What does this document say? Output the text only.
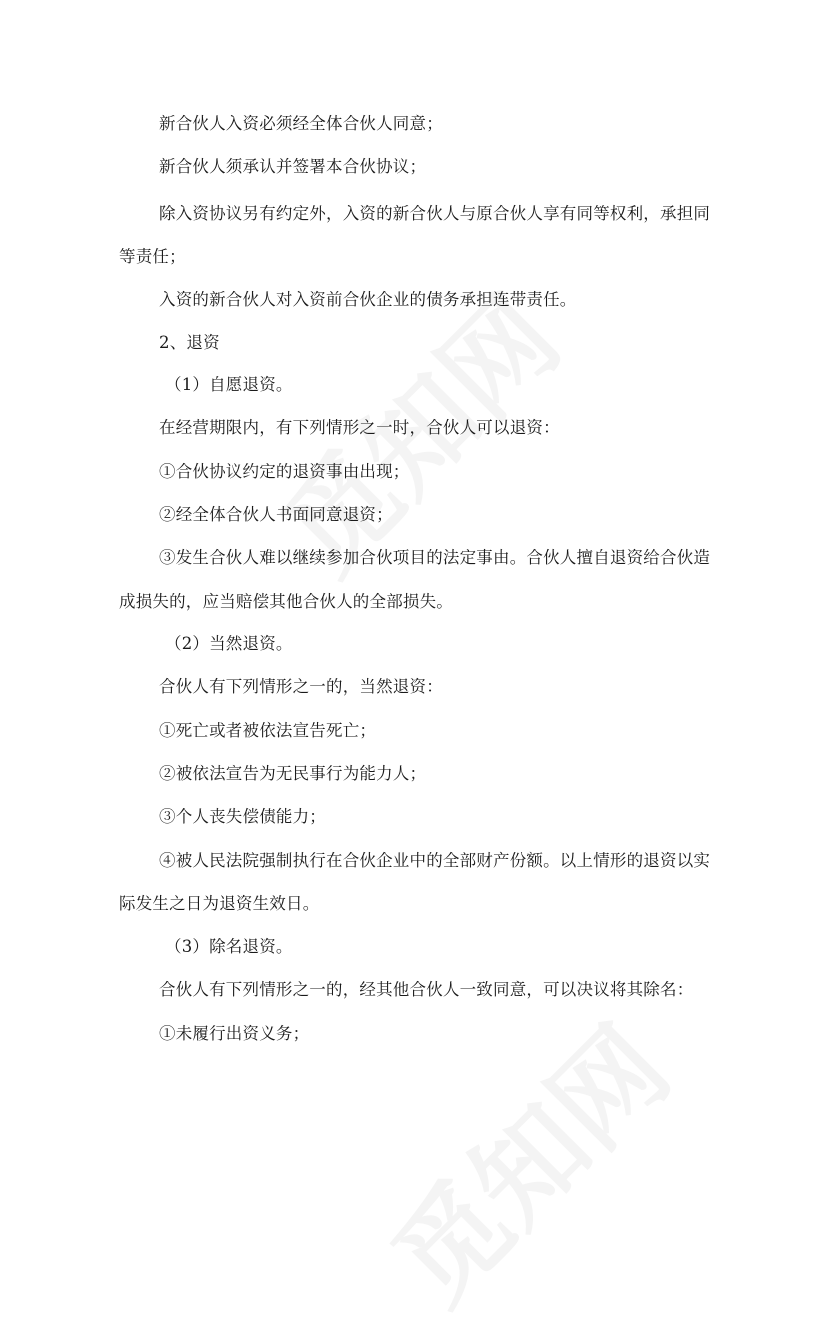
新合伙人入资必须经全体合伙人同意；
新合伙人须承认并签署本合伙协议；
除入资协议另有约定外，入资的新合伙人与原合伙人享有同等权利，承担同
等责任；
入资的新合伙人对入资前合伙企业的债务承担连带责任。
2、退资
（1）自愿退资。
在经营期限内，有下列情形之一时，合伙人可以退资：
①合伙协议约定的退资事由出现；
②经全体合伙人书面同意退资；
③发生合伙人难以继续参加合伙项目的法定事由。合伙人擅自退资给合伙造
成损失的，应当赔偿其他合伙人的全部损失。
（2）当然退资。
合伙人有下列情形之一的，当然退资：
①死亡或者被依法宣告死亡；
②被依法宣告为无民事行为能力人；
③个人丧失偿债能力；
④被人民法院强制执行在合伙企业中的全部财产份额。以上情形的退资以实
际发生之日为退资生效日。
（3）除名退资。
合伙人有下列情形之一的，经其他合伙人一致同意，可以决议将其除名：
①未履行出资义务；
